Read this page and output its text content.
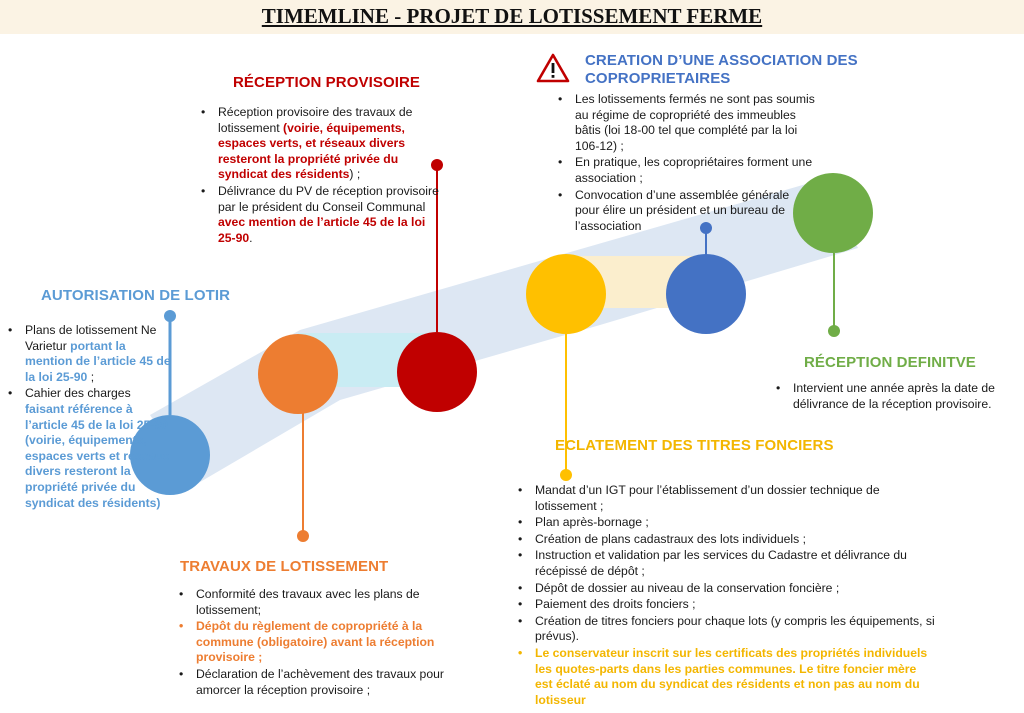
TIMEMLINE - PROJET DE LOTISSEMENT FERME
AUTORISATION DE LOTIR
• Plans de lotissement Ne Varietur portant la mention de l’article 45 de la loi 25-90 ;
• Cahier des charges faisant référence à l’article 45 de la loi 25-90 (voirie, équipements, espaces verts et réseaux divers resteront la propriété privée du syndicat des résidents)
RÉCEPTION PROVISOIRE
• Réception provisoire des travaux de lotissement (voirie, équipements, espaces verts, et réseaux divers resteront la propriété privée du syndicat des résidents) ;
• Délivrance du PV de réception provisoire par le président du Conseil Communal avec mention de l’article 45 de la loi 25-90.
TRAVAUX DE LOTISSEMENT
• Conformité des travaux avec les plans de lotissement;
• Dépôt du règlement de copropriété à la commune (obligatoire) avant la réception provisoire ;
• Déclaration de l’achèvement des travaux pour amorcer la réception provisoire ;
CREATION D’UNE ASSOCIATION DES
COPROPRIETAIRES
• Les lotissements fermés ne sont pas soumis au régime de copropriété des immeubles bâtis (loi 18-00 tel que complété par la loi 106-12) ;
• En pratique, les copropriétaires forment une association ;
• Convocation d’une assemblée générale pour élire un président et un bureau de l’association
RÉCEPTION DEFINITVE
• Intervient une année après la date de délivrance de la réception provisoire.
ECLATEMENT DES TITRES FONCIERS
• Mandat d’un IGT pour l’établissement d’un dossier technique de lotissement ;
• Plan après-bornage ;
• Création de plans cadastraux des lots individuels ;
• Instruction et validation par les services du Cadastre et délivrance du récépissé de dépôt ;
• Dépôt de dossier au niveau de la conservation foncière ;
• Paiement des droits fonciers ;
• Création de titres fonciers pour chaque lots (y compris les équipements, si prévus).
• Le conservateur inscrit sur les certificats des propriétés individuels les quotes-parts dans les parties communes. Le titre foncier mère est éclaté au nom du syndicat des résidents et non pas au nom du lotisseur
